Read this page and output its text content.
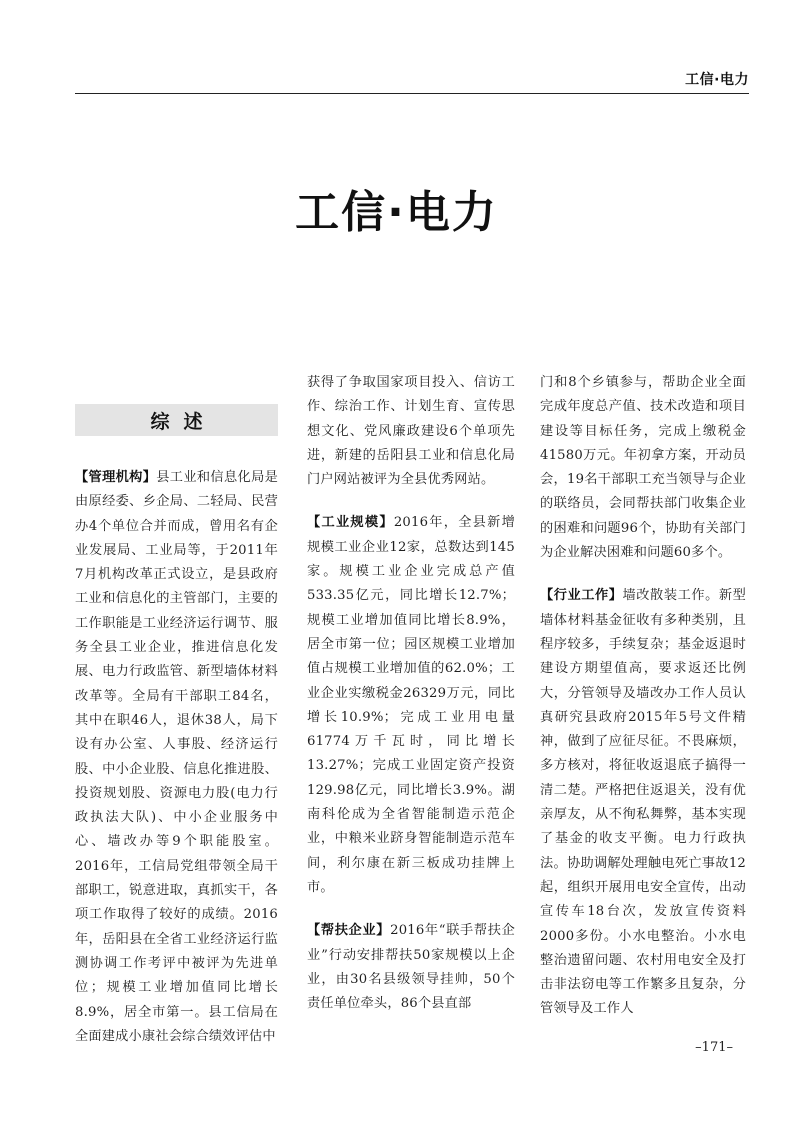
工信·电力
工信·电力
综述

【管理机构】县工业和信息化局是由原经委、乡企局、二轻局、民营办4个单位合并而成，曾用名有企业发展局、工业局等，于2011年7月机构改革正式设立，是县政府工业和信息化的主管部门，主要的工作职能是工业经济运行调节、服务全县工业企业，推进信息化发展、电力行政监管、新型墙体材料改革等。全局有干部职工84名，其中在职46人，退休38人，局下设有办公室、人事股、经济运行股、中小企业股、信息化推进股、投资规划股、资源电力股(电力行政执法大队)、中小企业服务中心、墙改办等9个职能股室。2016年，工信局党组带领全局干部职工，锐意进取，真抓实干，各项工作取得了较好的成绩。2016年，岳阳县在全省工业经济运行监测协调工作考评中被评为先进单位；规模工业增加值同比增长8.9%，居全市第一。县工信局在全面建成小康社会综合绩效评估中

获得了争取国家项目投入、信访工作、综治工作、计划生育、宣传思想文化、党风廉政建设6个单项先进，新建的岳阳县工业和信息化局门户网站被评为全县优秀网站。

【工业规模】2016年，全县新增规模工业企业12家，总数达到145家。规模工业企业完成总产值533.35亿元，同比增长12.7%；规模工业增加值同比增长8.9%，居全市第一位；园区规模工业增加值占规模工业增加值的62.0%；工业企业实缴税金26329万元，同比增长10.9%；完成工业用电量61774万千瓦时，同比增长13.27%；完成工业固定资产投资129.98亿元，同比增长3.9%。湖南科伦成为全省智能制造示范企业，中粮米业跻身智能制造示范车间，利尔康在新三板成功挂牌上市。

【帮扶企业】2016年“联手帮扶企业”行动安排帮扶50家规模以上企业，由30名县级领导挂帅，50个责任单位牵头，86个县直部

门和8个乡镇参与，帮助企业全面完成年度总产值、技术改造和项目建设等目标任务，完成上缴税金41580万元。年初拿方案，开动员会，19名干部职工充当领导与企业的联络员，会同帮扶部门收集企业的困难和问题96个，协助有关部门为企业解决困难和问题60多个。

【行业工作】墙改散装工作。新型墙体材料基金征收有多种类别，且程序较多，手续复杂；基金返退时建设方期望值高，要求返还比例大，分管领导及墙改办工作人员认真研究县政府2015年5号文件精神，做到了应征尽征。不畏麻烦，多方核对，将征收返退底子搞得一清二楚。严格把住返退关，没有优亲厚友，从不徇私舞弊，基本实现了基金的收支平衡。电力行政执法。协助调解处理触电死亡事故12起，组织开展用电安全宣传，出动宣传车18台次，发放宣传资料2000多份。小水电整治。小水电整治遗留问题、农村用电安全及打击非法窃电等工作繁多且复杂，分管领导及工作人

–171–
